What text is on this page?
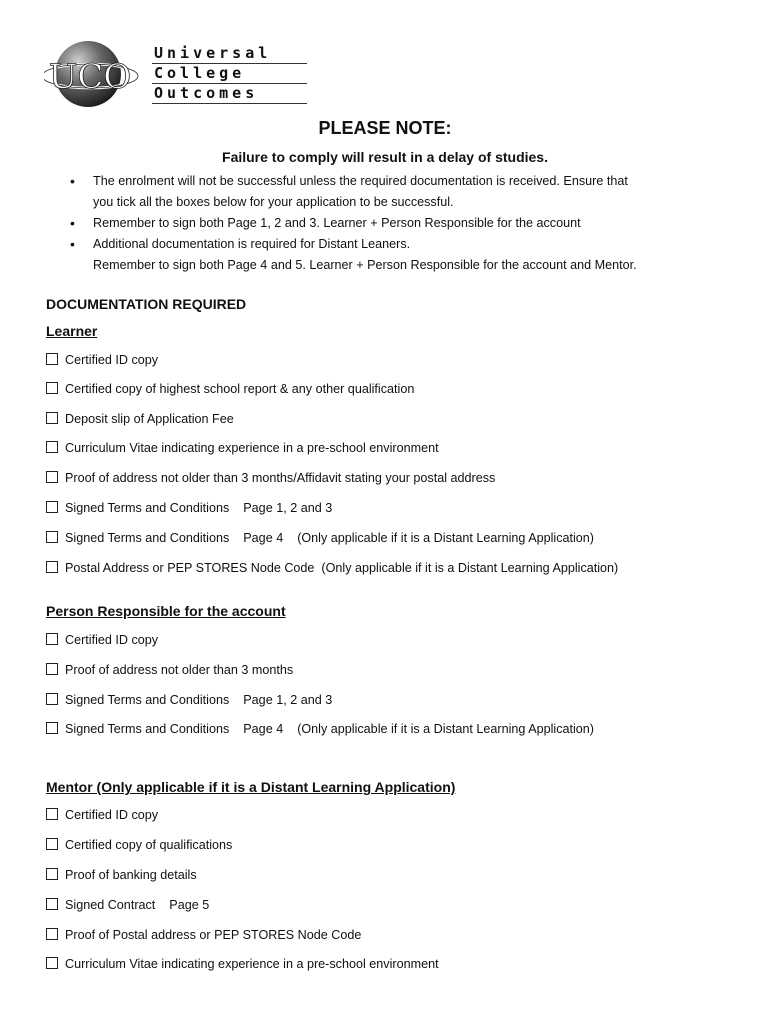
UCO
Universal
College
Outcomes
PLEASE NOTE:
Failure to comply will result in a delay of studies.
• The enrolment will not be successful unless the required documentation is received. Ensure that
you tick all the boxes below for your application to be successful.
• Remember to sign both Page 1, 2 and 3. Learner + Person Responsible for the account
• Additional documentation is required for Distant Leaners.
Remember to sign both Page 4 and 5. Learner + Person Responsible for the account and Mentor.
DOCUMENTATION REQUIRED
Learner
Certified ID copy
Certified copy of highest school report & any other qualification
Deposit slip of Application Fee
Curriculum Vitae indicating experience in a pre-school environment
Proof of address not older than 3 months/Affidavit stating your postal address
Signed Terms and Conditions    Page 1, 2 and 3
Signed Terms and Conditions    Page 4    (Only applicable if it is a Distant Learning Application)
Postal Address or PEP STORES Node Code  (Only applicable if it is a Distant Learning Application)
Person Responsible for the account
Certified ID copy
Proof of address not older than 3 months
Signed Terms and Conditions    Page 1, 2 and 3
Signed Terms and Conditions    Page 4    (Only applicable if it is a Distant Learning Application)
Mentor (Only applicable if it is a Distant Learning Application)
Certified ID copy
Certified copy of qualifications
Proof of banking details
Signed Contract    Page 5
Proof of Postal address or PEP STORES Node Code
Curriculum Vitae indicating experience in a pre-school environment
